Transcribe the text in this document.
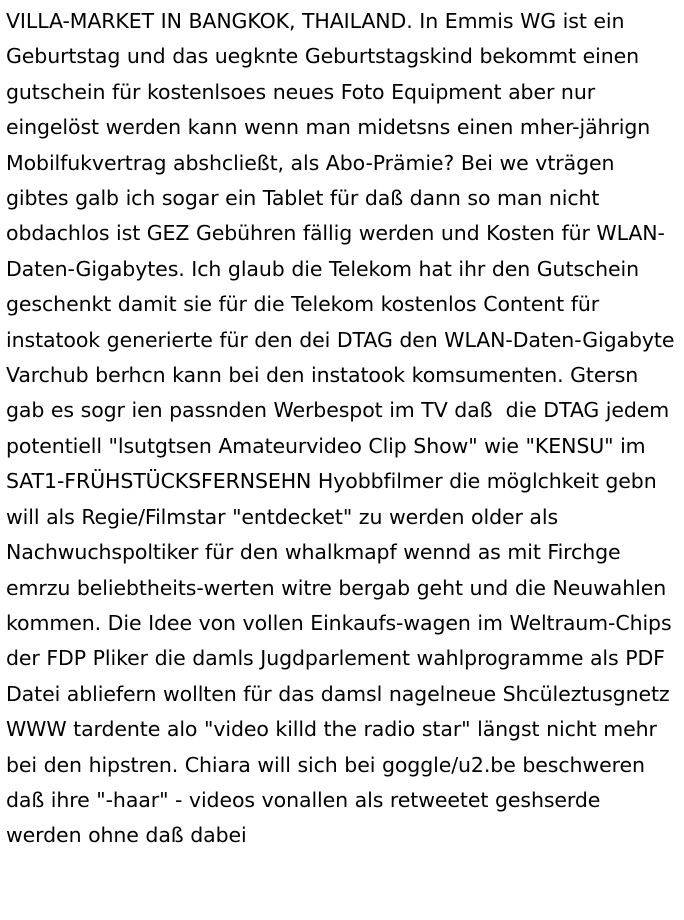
VILLA-MARKET IN BANGKOK, THAILAND. In Emmis WG ist ein Geburtstag und das uegknte Geburtstagskind bekommt einen gutschein für kostenlsoes neues Foto Equipment aber nur eingelöst werden kann wenn man midetsns einen mher-jährign Mobilfukvertrag abshcließt, als Abo-Prämie? Bei we vträgen gibtes galb ich sogar ein Tablet für daß dann so man nicht obdachlos ist GEZ Gebühren fällig werden und Kosten für WLAN-Daten-Gigabytes. Ich glaub die Telekom hat ihr den Gutschein geschenkt damit sie für die Telekom kostenlos Content für instatook generierte für den dei DTAG den WLAN-Daten-Gigabyte Varchub berhcn kann bei den instatook komsumenten. Gtersn gab es sogr ien passnden Werbespot im TV daß  die DTAG jedem potentiell "lsutgtsen Amateurvideo Clip Show" wie "KENSU" im SAT1-FRÜHSTÜCKSFERNSEHN Hyobbfilmer die möglchkeit gebn will als Regie/Filmstar "entdecket" zu werden older als Nachwuchspoltiker für den whalkmapf wennd as mit Firchge emrzu beliebtheits-werten witre bergab geht und die Neuwahlen kommen. Die Idee von vollen Einkaufs-wagen im Weltraum-Chips der FDP Pliker die damls Jugdparlement wahlprogramme als PDF Datei abliefern wollten für das damsl nagelneue Shcüleztusgnetz WWW tardente alo "video killd the radio star" längst nicht mehr bei den hipstren. Chiara will sich bei goggle/u2.be beschweren daß ihre "-haar" - videos vonallen als retweetet geshserde werden ohne daß dabei
